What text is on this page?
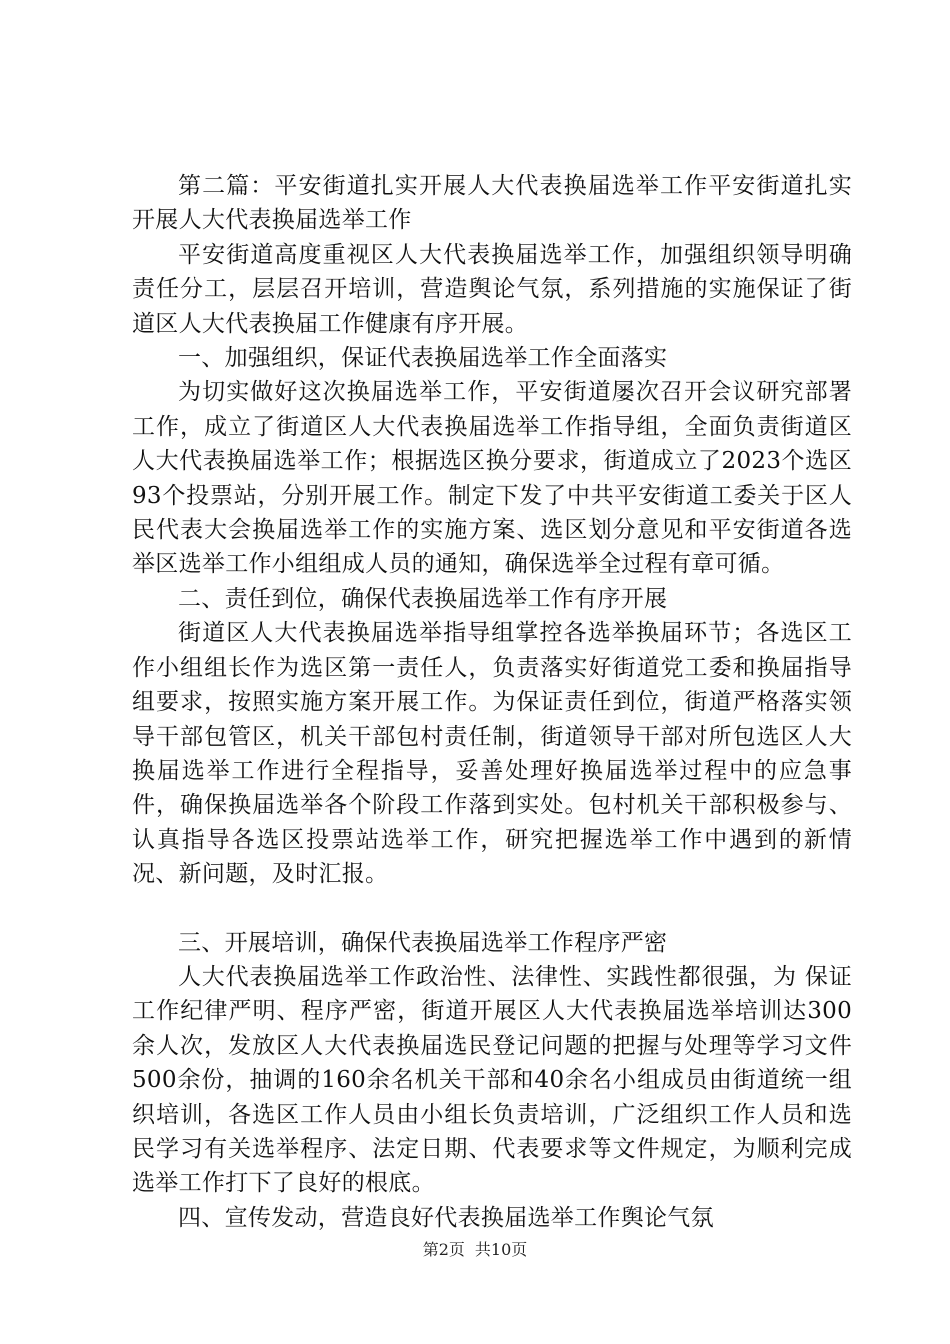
第二篇：平安街道扎实开展人大代表换届选举工作平安街道扎实开展人大代表换届选举工作

平安街道高度重视区人大代表换届选举工作，加强组织领导明确责任分工，层层召开培训，营造舆论气氛，系列措施的实施保证了街道区人大代表换届工作健康有序开展。

一、加强组织，保证代表换届选举工作全面落实

为切实做好这次换届选举工作，平安街道屡次召开会议研究部署工作，成立了街道区人大代表换届选举工作指导组，全面负责街道区人大代表换届选举工作；根据选区换分要求，街道成立了2023个选区93个投票站，分别开展工作。制定下发了中共平安街道工委关于区人民代表大会换届选举工作的实施方案、选区划分意见和平安街道各选举区选举工作小组组成人员的通知，确保选举全过程有章可循。

二、责任到位，确保代表换届选举工作有序开展

街道区人大代表换届选举指导组掌控各选举换届环节；各选区工作小组组长作为选区第一责任人，负责落实好街道党工委和换届指导组要求，按照实施方案开展工作。为保证责任到位，街道严格落实领导干部包管区，机关干部包村责任制，街道领导干部对所包选区人大换届选举工作进行全程指导，妥善处理好换届选举过程中的应急事件，确保换届选举各个阶段工作落到实处。包村机关干部积极参与、认真指导各选区投票站选举工作，研究把握选举工作中遇到的新情况、新问题，及时汇报。

三、开展培训，确保代表换届选举工作程序严密

人大代表换届选举工作政治性、法律性、实践性都很强，为 保证工作纪律严明、程序严密，街道开展区人大代表换届选举培训达300余人次，发放区人大代表换届选民登记问题的把握与处理等学习文件500余份，抽调的160余名机关干部和40余名小组成员由街道统一组织培训，各选区工作人员由小组长负责培训，广泛组织工作人员和选民学习有关选举程序、法定日期、代表要求等文件规定，为顺利完成选举工作打下了良好的根底。

四、宣传发动，营造良好代表换届选举工作舆论气氛

第2页 共10页
